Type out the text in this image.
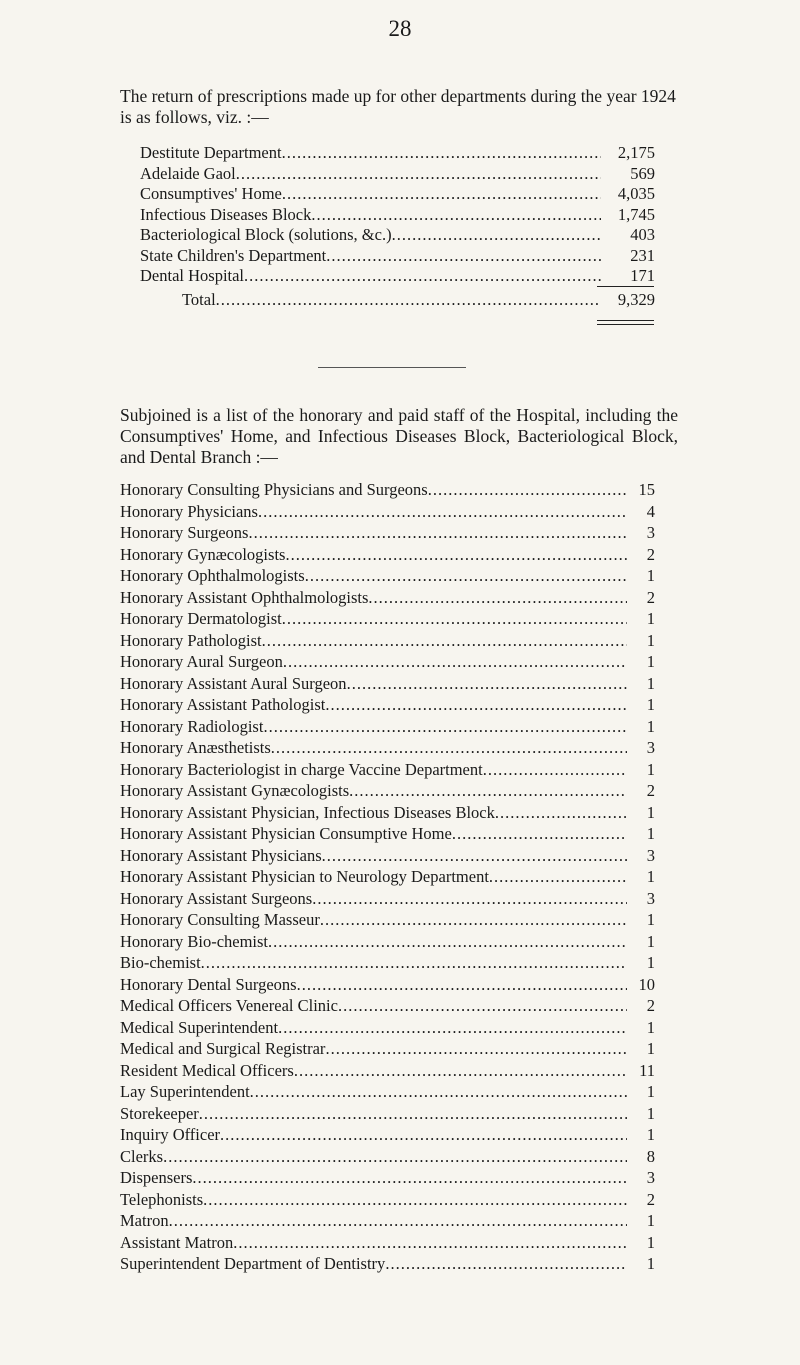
28
The return of prescriptions made up for other departments during the year 1924 is as follows, viz. :—
Destitute Department .....	2,175
Adelaide Gaol .....	569
Consumptives' Home .....	4,035
Infectious Diseases Block .....	1,745
Bacteriological Block (solutions, &c.) .....	403
State Children's Department .....	231
Dental Hospital .....	171
Total .....	9,329
Subjoined is a list of the honorary and paid staff of the Hospital, including the Consumptives' Home, and Infectious Diseases Block, Bacteriological Block, and Dental Branch :—
Honorary Consulting Physicians and Surgeons .....	15
Honorary Physicians .....	4
Honorary Surgeons .....	3
Honorary Gynæcologists .....	2
Honorary Ophthalmologists .....	1
Honorary Assistant Ophthalmologists .....	2
Honorary Dermatologist .....	1
Honorary Pathologist .....	1
Honorary Aural Surgeon .....	1
Honorary Assistant Aural Surgeon .....	1
Honorary Assistant Pathologist .....	1
Honorary Radiologist .....	1
Honorary Anæsthetists .....	3
Honorary Bacteriologist in charge Vaccine Department .....	1
Honorary Assistant Gynæcologists .....	2
Honorary Assistant Physician, Infectious Diseases Block .....	1
Honorary Assistant Physician Consumptive Home .....	1
Honorary Assistant Physicians .....	3
Honorary Assistant Physician to Neurology Department .....	1
Honorary Assistant Surgeons .....	3
Honorary Consulting Masseur .....	1
Honorary Bio-chemist .....	1
Bio-chemist .....	1
Honorary Dental Surgeons .....	10
Medical Officers Venereal Clinic .....	2
Medical Superintendent .....	1
Medical and Surgical Registrar .....	1
Resident Medical Officers .....	11
Lay Superintendent .....	1
Storekeeper .....	1
Inquiry Officer .....	1
Clerks .....	8
Dispensers .....	3
Telephonists .....	2
Matron .....	1
Assistant Matron .....	1
Superintendent Department of Dentistry .....	1
